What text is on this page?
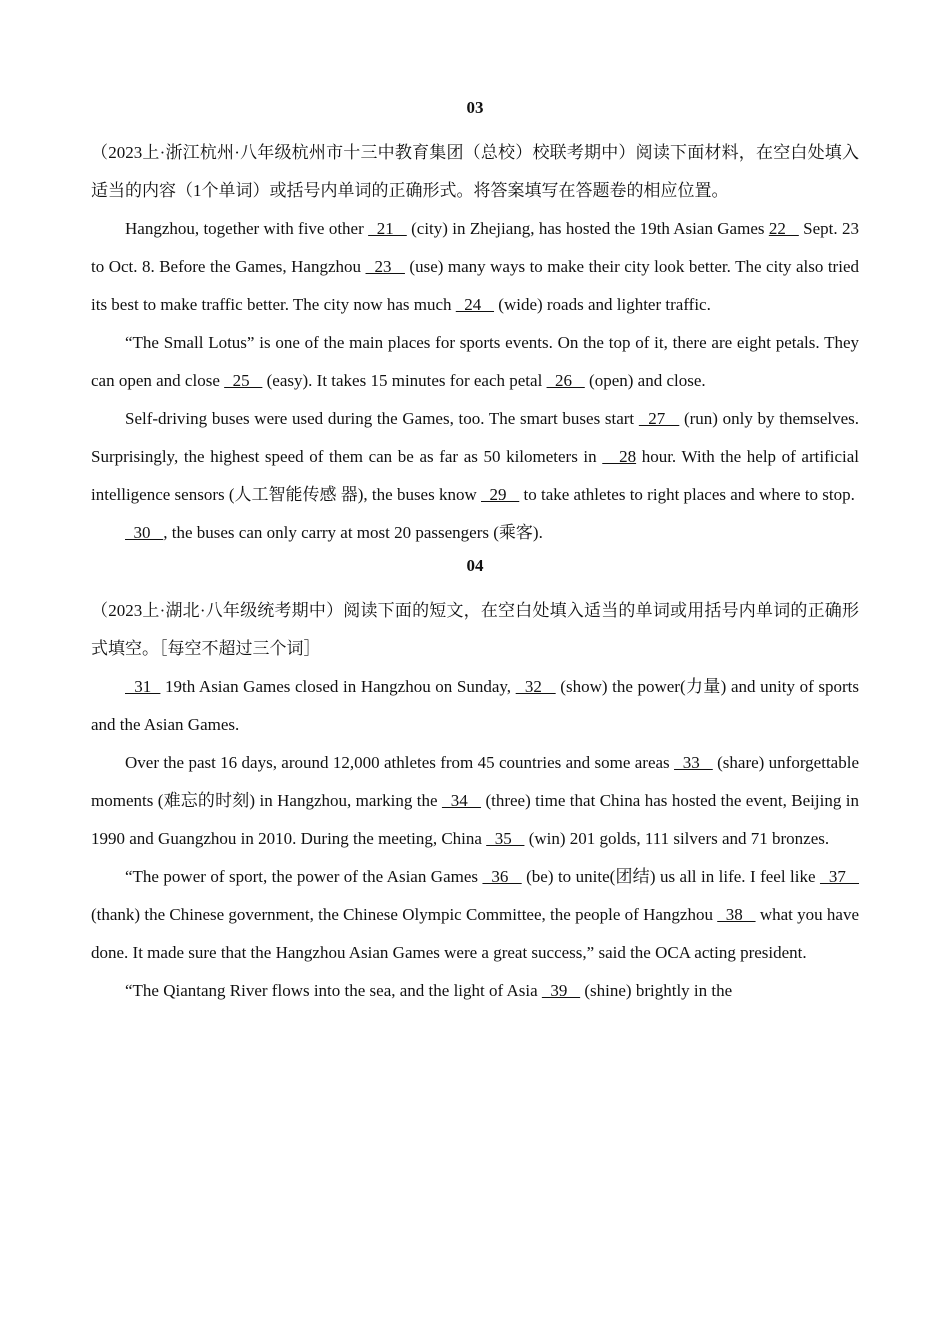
03

（2023上·浙江杭州·八年级杭州市十三中教育集团（总校）校联考期中）阅读下面材料，在空白处填入适当的内容（1个单词）或括号内单词的正确形式。将答案填写在答题卷的相应位置。

Hangzhou, together with five other   21    (city) in Zhejiang, has hosted the 19th Asian Games 22    Sept. 23 to Oct. 8. Before the Games, Hangzhou   23    (use) many ways to make their city look better. The city also tried its best to make traffic better. The city now has much   24    (wide) roads and lighter traffic.

“The Small Lotus” is one of the main places for sports events. On the top of it, there are eight petals. They can open and close   25    (easy). It takes 15 minutes for each petal   26    (open) and close.

Self-driving buses were used during the Games, too. The smart buses start   27    (run) only by themselves. Surprisingly, the highest speed of them can be as far as 50 kilometers in    28 hour. With the help of artificial intelligence sensors (人工智能传感 器), the buses know   29    to take athletes to right places and where to stop.

30   , the buses can only carry at most 20 passengers (乘客).

04

（2023上·湖北·八年级统考期中）阅读下面的短文，在空白处填入适当的单词或用括号内单词的正确形式填空。［每空不超过三个词］

31   19th Asian Games closed in Hangzhou on Sunday,   32    (show) the power(力量) and unity of sports and the Asian Games.

Over the past 16 days, around 12,000 athletes from 45 countries and some areas   33    (share) unforgettable moments (难忘的时刻) in Hangzhou, marking the   34    (three) time that China has hosted the event, Beijing in 1990 and Guangzhou in 2010. During the meeting, China   35    (win) 201 golds, 111 silvers and 71 bronzes.

“The power of sport, the power of the Asian Games   36    (be) to unite(团结) us all in life. I feel like   37    (thank) the Chinese government, the Chinese Olympic Committee, the people of Hangzhou   38    what you have done. It made sure that the Hangzhou Asian Games were a great success,” said the OCA acting president.

“The Qiantang River flows into the sea, and the light of Asia   39    (shine) brightly in the
